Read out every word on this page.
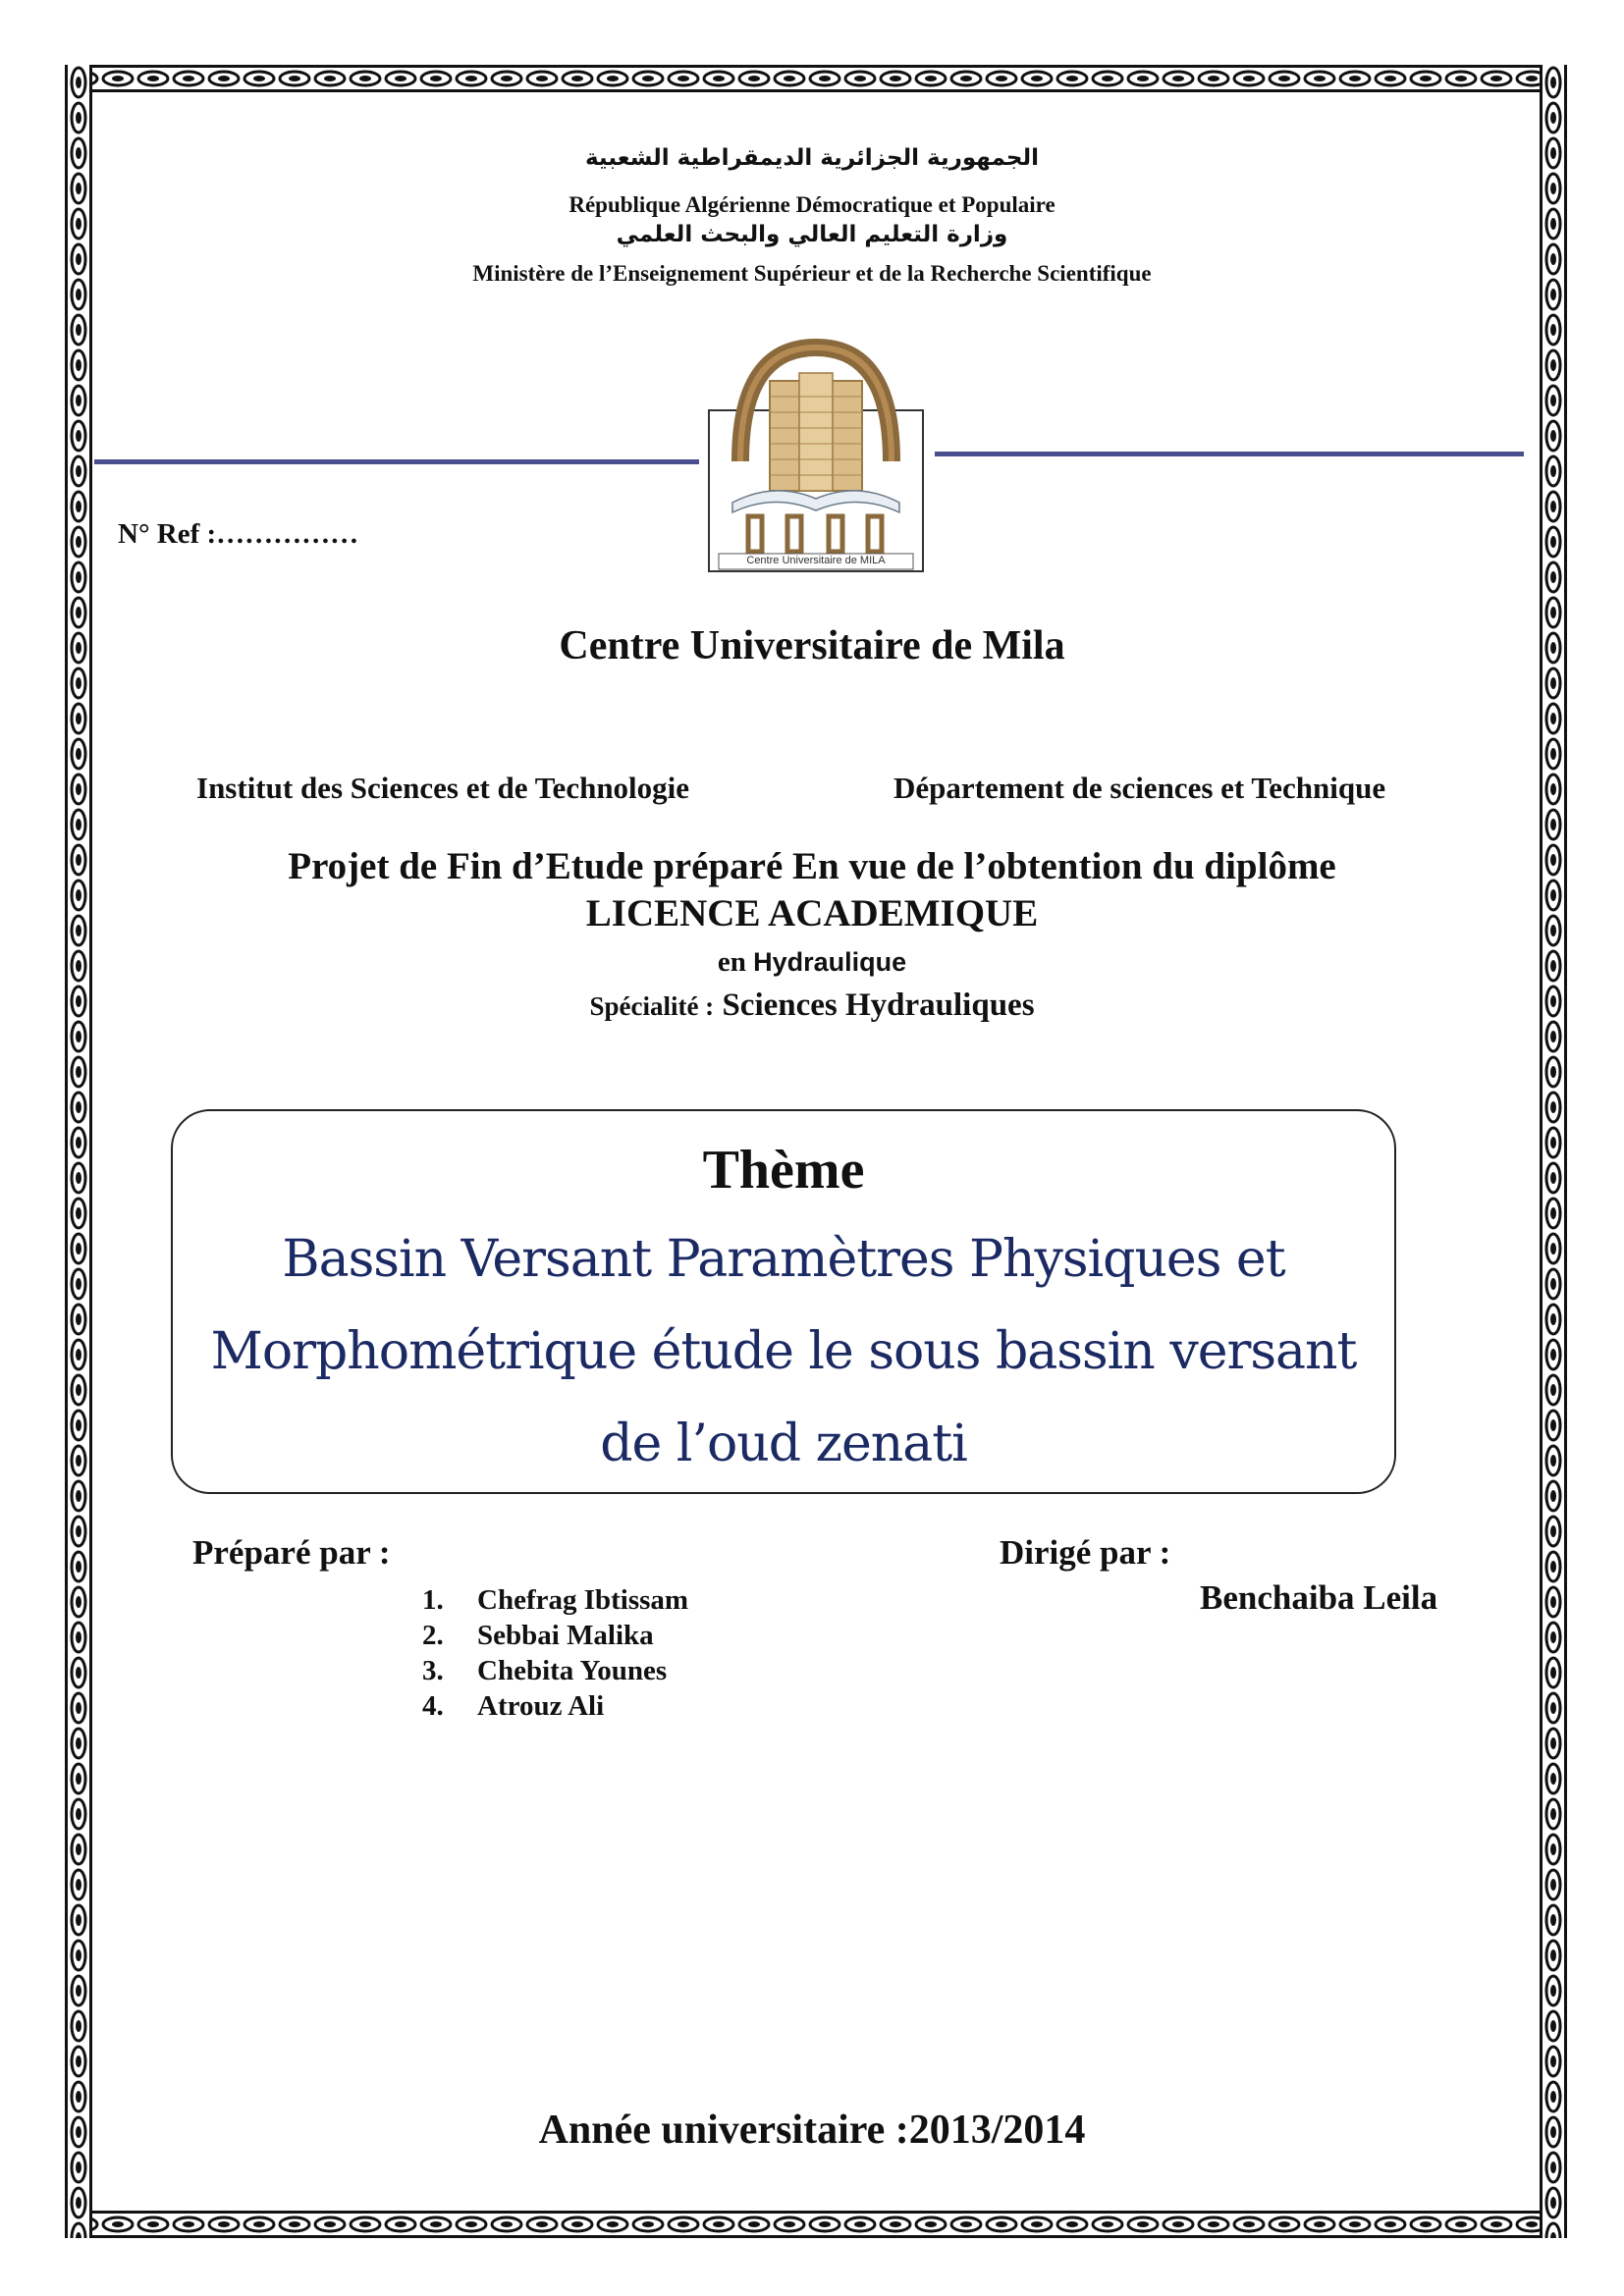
الجمهورية الجزائرية الديمقراطية الشعبية
République Algérienne Démocratique et Populaire
وزارة التعليم العالي والبحث العلمي
Ministère de l’Enseignement Supérieur et de la Recherche Scientifique
Centre Universitaire de MILA
N° Ref :……………
Centre Universitaire de Mila
Institut des Sciences et de Technologie	Département de sciences et Technique
Projet de Fin d’Etude préparé En vue de l’obtention du diplôme
LICENCE ACADEMIQUE
en Hydraulique
Spécialité : Sciences Hydrauliques
Thème
Bassin Versant Paramètres Physiques et
Morphométrique étude le sous bassin versant
de l’oud zenati
Préparé par :
1.	Chefrag Ibtissam
2.	Sebbai Malika
3.	Chebita Younes
4.	Atrouz Ali
Dirigé par :
Benchaiba Leila
Année universitaire :2013/2014
